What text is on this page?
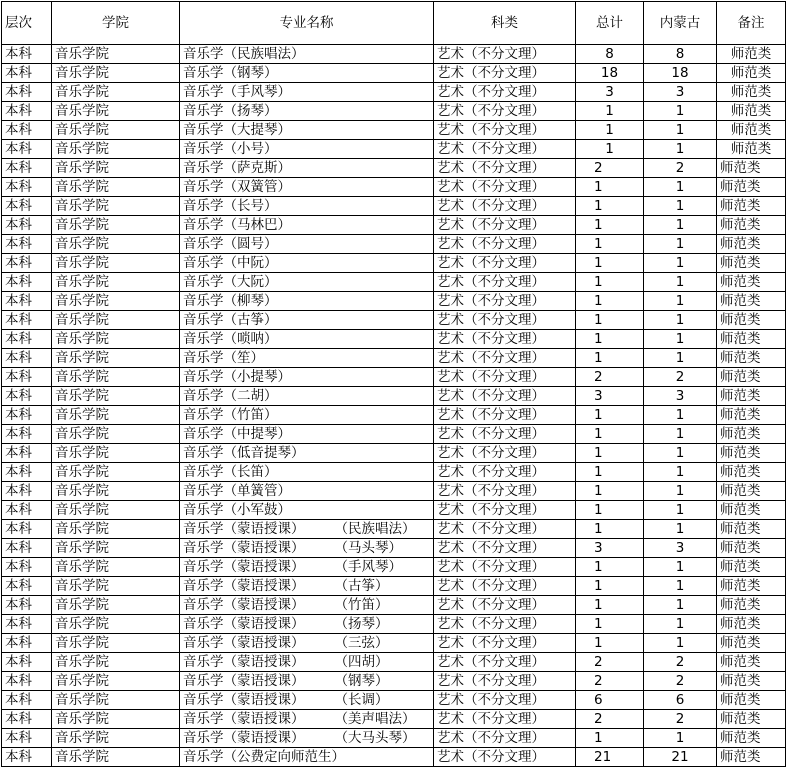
层次	学院	专业名称	科类	总计	内蒙古	备注
本科	音乐学院	音乐学（民族唱法）	艺术（不分文理）	8	8	师范类
本科	音乐学院	音乐学（钢琴）	艺术（不分文理）	18	18	师范类
本科	音乐学院	音乐学（手风琴）	艺术（不分文理）	3	3	师范类
本科	音乐学院	音乐学（扬琴）	艺术（不分文理）	1	1	师范类
本科	音乐学院	音乐学（大提琴）	艺术（不分文理）	1	1	师范类
本科	音乐学院	音乐学（小号）	艺术（不分文理）	1	1	师范类
本科	音乐学院	音乐学（萨克斯）	艺术（不分文理）	2	2	师范类
本科	音乐学院	音乐学（双簧管）	艺术（不分文理）	1	1	师范类
本科	音乐学院	音乐学（长号）	艺术（不分文理）	1	1	师范类
本科	音乐学院	音乐学（马林巴）	艺术（不分文理）	1	1	师范类
本科	音乐学院	音乐学（圆号）	艺术（不分文理）	1	1	师范类
本科	音乐学院	音乐学（中阮）	艺术（不分文理）	1	1	师范类
本科	音乐学院	音乐学（大阮）	艺术（不分文理）	1	1	师范类
本科	音乐学院	音乐学（柳琴）	艺术（不分文理）	1	1	师范类
本科	音乐学院	音乐学（古筝）	艺术（不分文理）	1	1	师范类
本科	音乐学院	音乐学（唢呐）	艺术（不分文理）	1	1	师范类
本科	音乐学院	音乐学（笙）	艺术（不分文理）	1	1	师范类
本科	音乐学院	音乐学（小提琴）	艺术（不分文理）	2	2	师范类
本科	音乐学院	音乐学（二胡）	艺术（不分文理）	3	3	师范类
本科	音乐学院	音乐学（竹笛）	艺术（不分文理）	1	1	师范类
本科	音乐学院	音乐学（中提琴）	艺术（不分文理）	1	1	师范类
本科	音乐学院	音乐学（低音提琴）	艺术（不分文理）	1	1	师范类
本科	音乐学院	音乐学（长笛）	艺术（不分文理）	1	1	师范类
本科	音乐学院	音乐学（单簧管）	艺术（不分文理）	1	1	师范类
本科	音乐学院	音乐学（小军鼓）	艺术（不分文理）	1	1	师范类
本科	音乐学院	音乐学（蒙语授课） （民族唱法）	艺术（不分文理）	1	1	师范类
本科	音乐学院	音乐学（蒙语授课） （马头琴）	艺术（不分文理）	3	3	师范类
本科	音乐学院	音乐学（蒙语授课） （手风琴）	艺术（不分文理）	1	1	师范类
本科	音乐学院	音乐学（蒙语授课） （古筝）	艺术（不分文理）	1	1	师范类
本科	音乐学院	音乐学（蒙语授课） （竹笛）	艺术（不分文理）	1	1	师范类
本科	音乐学院	音乐学（蒙语授课） （扬琴）	艺术（不分文理）	1	1	师范类
本科	音乐学院	音乐学（蒙语授课） （三弦）	艺术（不分文理）	1	1	师范类
本科	音乐学院	音乐学（蒙语授课） （四胡）	艺术（不分文理）	2	2	师范类
本科	音乐学院	音乐学（蒙语授课） （钢琴）	艺术（不分文理）	2	2	师范类
本科	音乐学院	音乐学（蒙语授课） （长调）	艺术（不分文理）	6	6	师范类
本科	音乐学院	音乐学（蒙语授课） （美声唱法）	艺术（不分文理）	2	2	师范类
本科	音乐学院	音乐学（蒙语授课） （大马头琴）	艺术（不分文理）	1	1	师范类
本科	音乐学院	音乐学（公费定向师范生）	艺术（不分文理）	21	21	师范类
